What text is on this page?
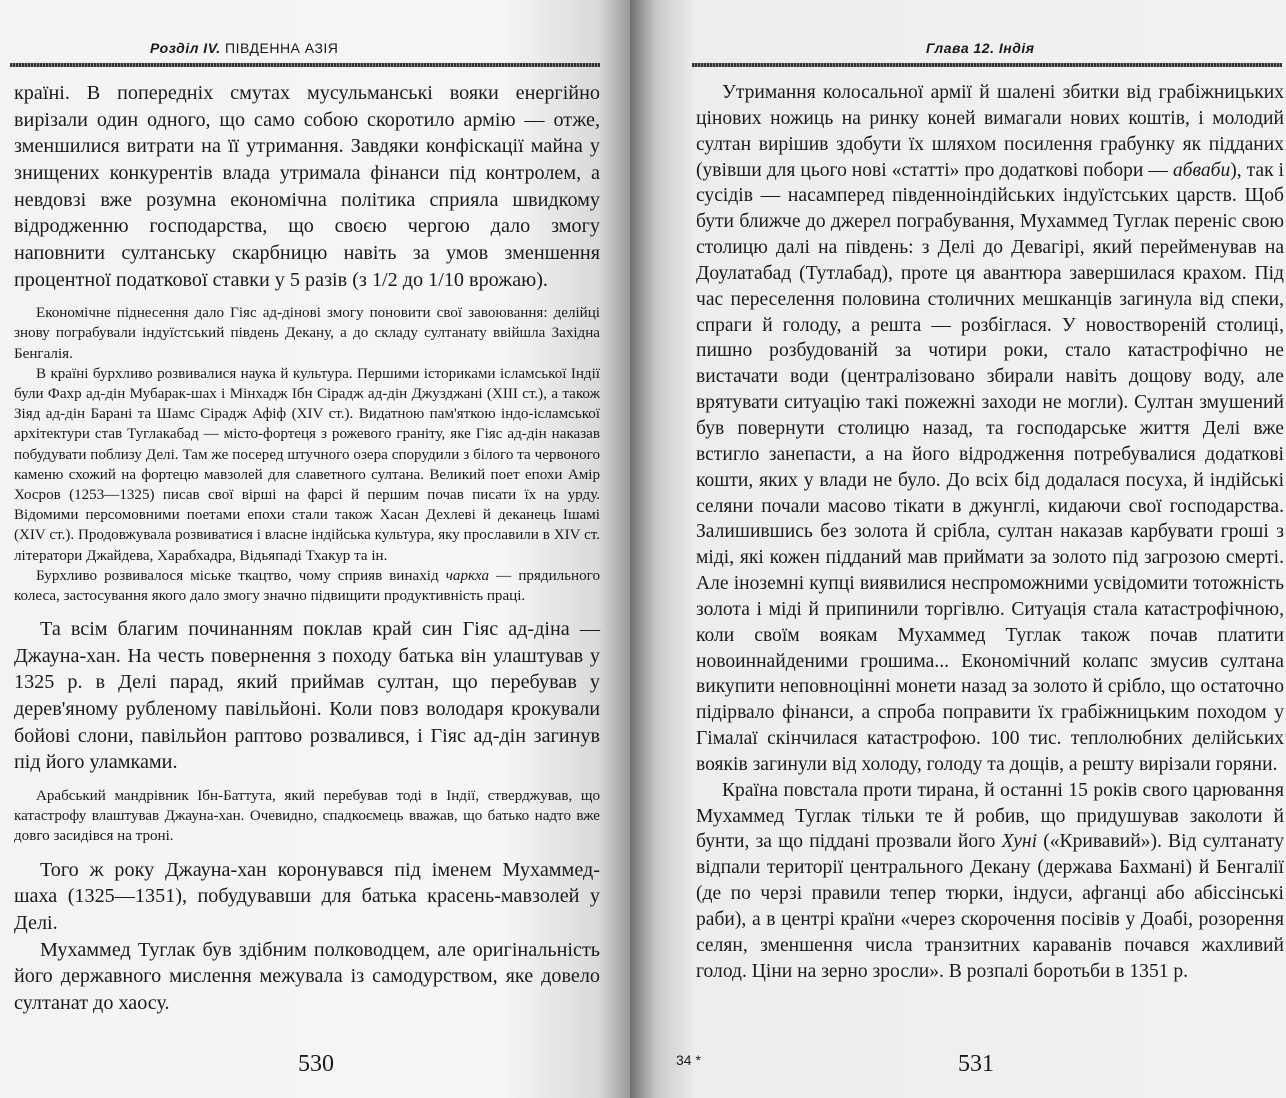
Розділ IV. ПІВДЕННА АЗІЯ

країні. В попередніх смутах мусульманські вояки енергійно вирізали один одного, що само собою скоротило армію — отже, зменшилися витрати на її утримання. Завдяки конфіскації майна у знищених конкурентів влада утримала фінанси під контролем, а невдовзі вже розумна економічна політика сприяла швидкому відродженню господарства, що своєю чергою дало змогу наповнити султанську скарбницю навіть за умов зменшення процентної податкової ставки у 5 разів (з 1/2 до 1/10 врожаю).

Економічне піднесення дало Гіяс ад-дінові змогу поновити свої завоювання: делійці знову пограбували індуїстський південь Декану, а до складу султанату ввійшла Західна Бенгалія.

В країні бурхливо розвивалися наука й культура. Першими істориками ісламської Індії були Фахр ад-дін Мубарак-шах і Мінхадж Ібн Сірадж ад-дін Джузджані (XIII ст.), а також Зіяд ад-дін Барані та Шамс Сірадж Афіф (XIV ст.). Видатною пам'яткою індо-ісламської архітектури став Туглакабад — місто-фортеця з рожевого граніту, яке Гіяс ад-дін наказав побудувати поблизу Делі. Там же посеред штучного озера спорудили з білого та червоного каменю схожий на фортецю мавзолей для славетного султана. Великий поет епохи Амір Хосров (1253—1325) писав свої вірші на фарсі й першим почав писати їх на урду. Відомими персомовними поетами епохи стали також Хасан Дехлеві й деканець Ішамі (XIV ст.). Продовжувала розвиватися і власне індійська культура, яку прославили в XIV ст. літератори Джайдева, Харабхадра, Відьяпаді Тхакур та ін.

Бурхливо розвивалося міське ткацтво, чому сприяв винахід чаркха — прядильного колеса, застосування якого дало змогу значно підвищити продуктивність праці.

Та всім благим починанням поклав край син Гіяс ад-діна — Джауна-хан. На честь повернення з походу батька він улаштував у 1325 р. в Делі парад, який приймав султан, що перебував у дерев'яному рубленому павільйоні. Коли повз володаря крокували бойові слони, павільйон раптово розвалився, і Гіяс ад-дін загинув під його уламками.

Арабський мандрівник Ібн-Баттута, який перебував тоді в Індії, стверджував, що катастрофу влаштував Джауна-хан. Очевидно, спадкоємець вважав, що батько надто вже довго засидівся на троні.

Того ж року Джауна-хан коронувався під іменем Мухаммед-шаха (1325—1351), побудувавши для батька красень-мавзолей у Делі.

Мухаммед Туглак був здібним полководцем, але оригінальність його державного мислення межувала із самодурством, яке довело султанат до хаосу.

530
Глава 12. Індія

Утримання колосальної армії й шалені збитки від грабіжницьких цінових ножиць на ринку коней вимагали нових коштів, і молодий султан вирішив здобути їх шляхом посилення грабунку як підданих (увівши для цього нові «статті» про додаткові побори — абваби), так і сусідів — насамперед південноіндійських індуїстських царств. Щоб бути ближче до джерел пограбування, Мухаммед Туглак переніс свою столицю далі на південь: з Делі до Девагірі, який перейменував на Доулатабад (Тутлабад), проте ця авантюра завершилася крахом. Під час переселення половина столичних мешканців загинула від спеки, спраги й голоду, а решта — розбіглася. У новоствореній столиці, пишно розбудованій за чотири роки, стало катастрофічно не вистачати води (централізовано збирали навіть дощову воду, але врятувати ситуацію такі пожежні заходи не могли). Султан змушений був повернути столицю назад, та господарське життя Делі вже встигло занепасти, а на його відродження потребувалися додаткові кошти, яких у влади не було. До всіх бід додалася посуха, й індійські селяни почали масово тікати в джунглі, кидаючи свої господарства. Залишившись без золота й срібла, султан наказав карбувати гроші з міді, які кожен підданий мав приймати за золото під загрозою смерті. Але іноземні купці виявилися неспроможними усвідомити тотожність золота і міді й припинили торгівлю. Ситуація стала катастрофічною, коли своїм воякам Мухаммед Туглак також почав платити новоиннайденими грошима... Економічний колапс змусив султана викупити неповноцінні монети назад за золото й срібло, що остаточно підірвало фінанси, а спроба поправити їх грабіжницьким походом у Гімалаї скінчилася катастрофою. 100 тис. теплолюбних делійських вояків загинули від холоду, голоду та дощів, а решту вирізали горяни.

Країна повстала проти тирана, й останні 15 років свого царювання Мухаммед Туглак тільки те й робив, що придушував заколоти й бунти, за що піддані прозвали його Хуні («Кривавий»). Від султанату відпали території центрального Декану (держава Бахмані) й Бенгалії (де по черзі правили тепер тюрки, індуси, афганці або абіссінські раби), а в центрі країни «через скорочення посівів у Доабі, розорення селян, зменшення числа транзитних караванів почався жахливий голод. Ціни на зерно зросли». В розпалі боротьби в 1351 р.

34 *	531
